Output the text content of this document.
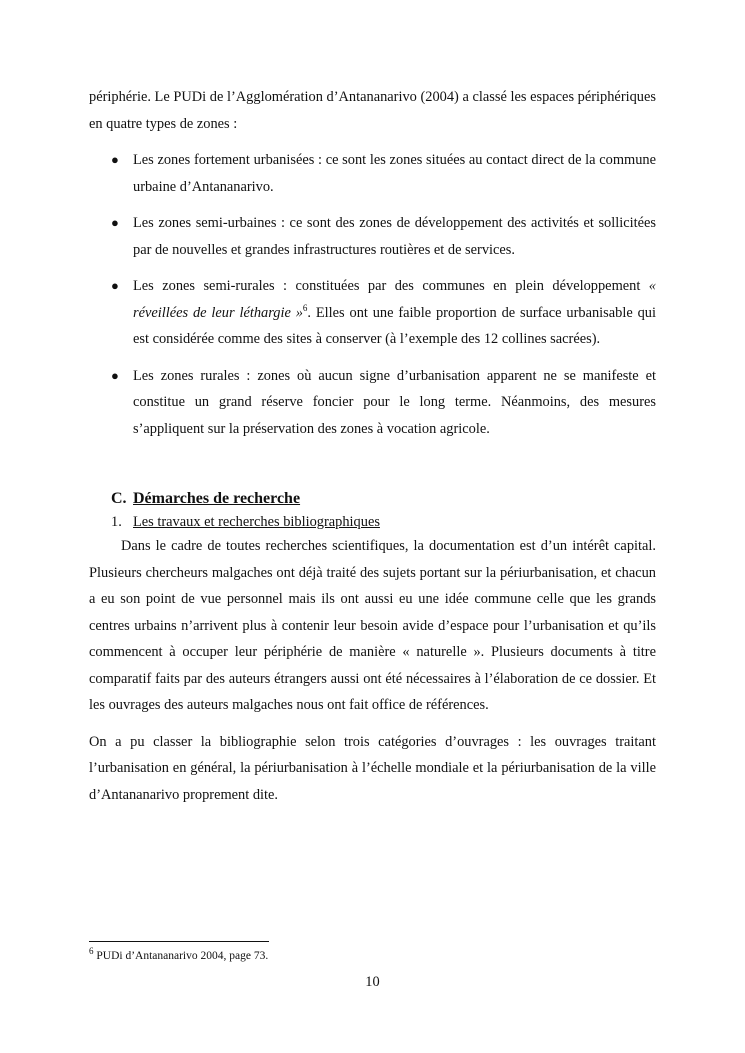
périphérie. Le PUDi de l’Agglomération d’Antananarivo (2004) a classé les espaces périphériques en quatre types de zones :

● Les zones fortement urbanisées : ce sont les zones situées au contact direct de la commune urbaine d’Antananarivo.
● Les zones semi-urbaines : ce sont des zones de développement des activités et sollicitées par de nouvelles et grandes infrastructures routières et de services.
● Les zones semi-rurales : constituées par des communes en plein développement « réveillées de leur léthargie »$^6$. Elles ont une faible proportion de surface urbanisable qui est considérée comme des sites à conserver (à l’exemple des 12 collines sacrées).
● Les zones rurales : zones où aucun signe d’urbanisation apparent ne se manifeste et constitue un grand réserve foncier pour le long terme. Néanmoins, des mesures s’appliquent sur la préservation des zones à vocation agricole.
C. Démarches de recherche
1. Les travaux et recherches bibliographiques

Dans le cadre de toutes recherches scientifiques, la documentation est d’un intérêt capital. Plusieurs chercheurs malgaches ont déjà traité des sujets portant sur la périurbanisation, et chacun a eu son point de vue personnel mais ils ont aussi eu une idée commune celle que les grands centres urbains n’arrivent plus à contenir leur besoin avide d’espace pour l’urbanisation et qu’ils commencent à occuper leur périphérie de manière « naturelle ». Plusieurs documents à titre comparatif faits par des auteurs étrangers aussi ont été nécessaires à l’élaboration de ce dossier. Et les ouvrages des auteurs malgaches nous ont fait office de références.

On a pu classer la bibliographie selon trois catégories d’ouvrages : les ouvrages traitant l’urbanisation en général, la périurbanisation à l’échelle mondiale et la périurbanisation de la ville d’Antananarivo proprement dite.

$^6$ PUDi d’Antananarivo 2004, page 73.
10
